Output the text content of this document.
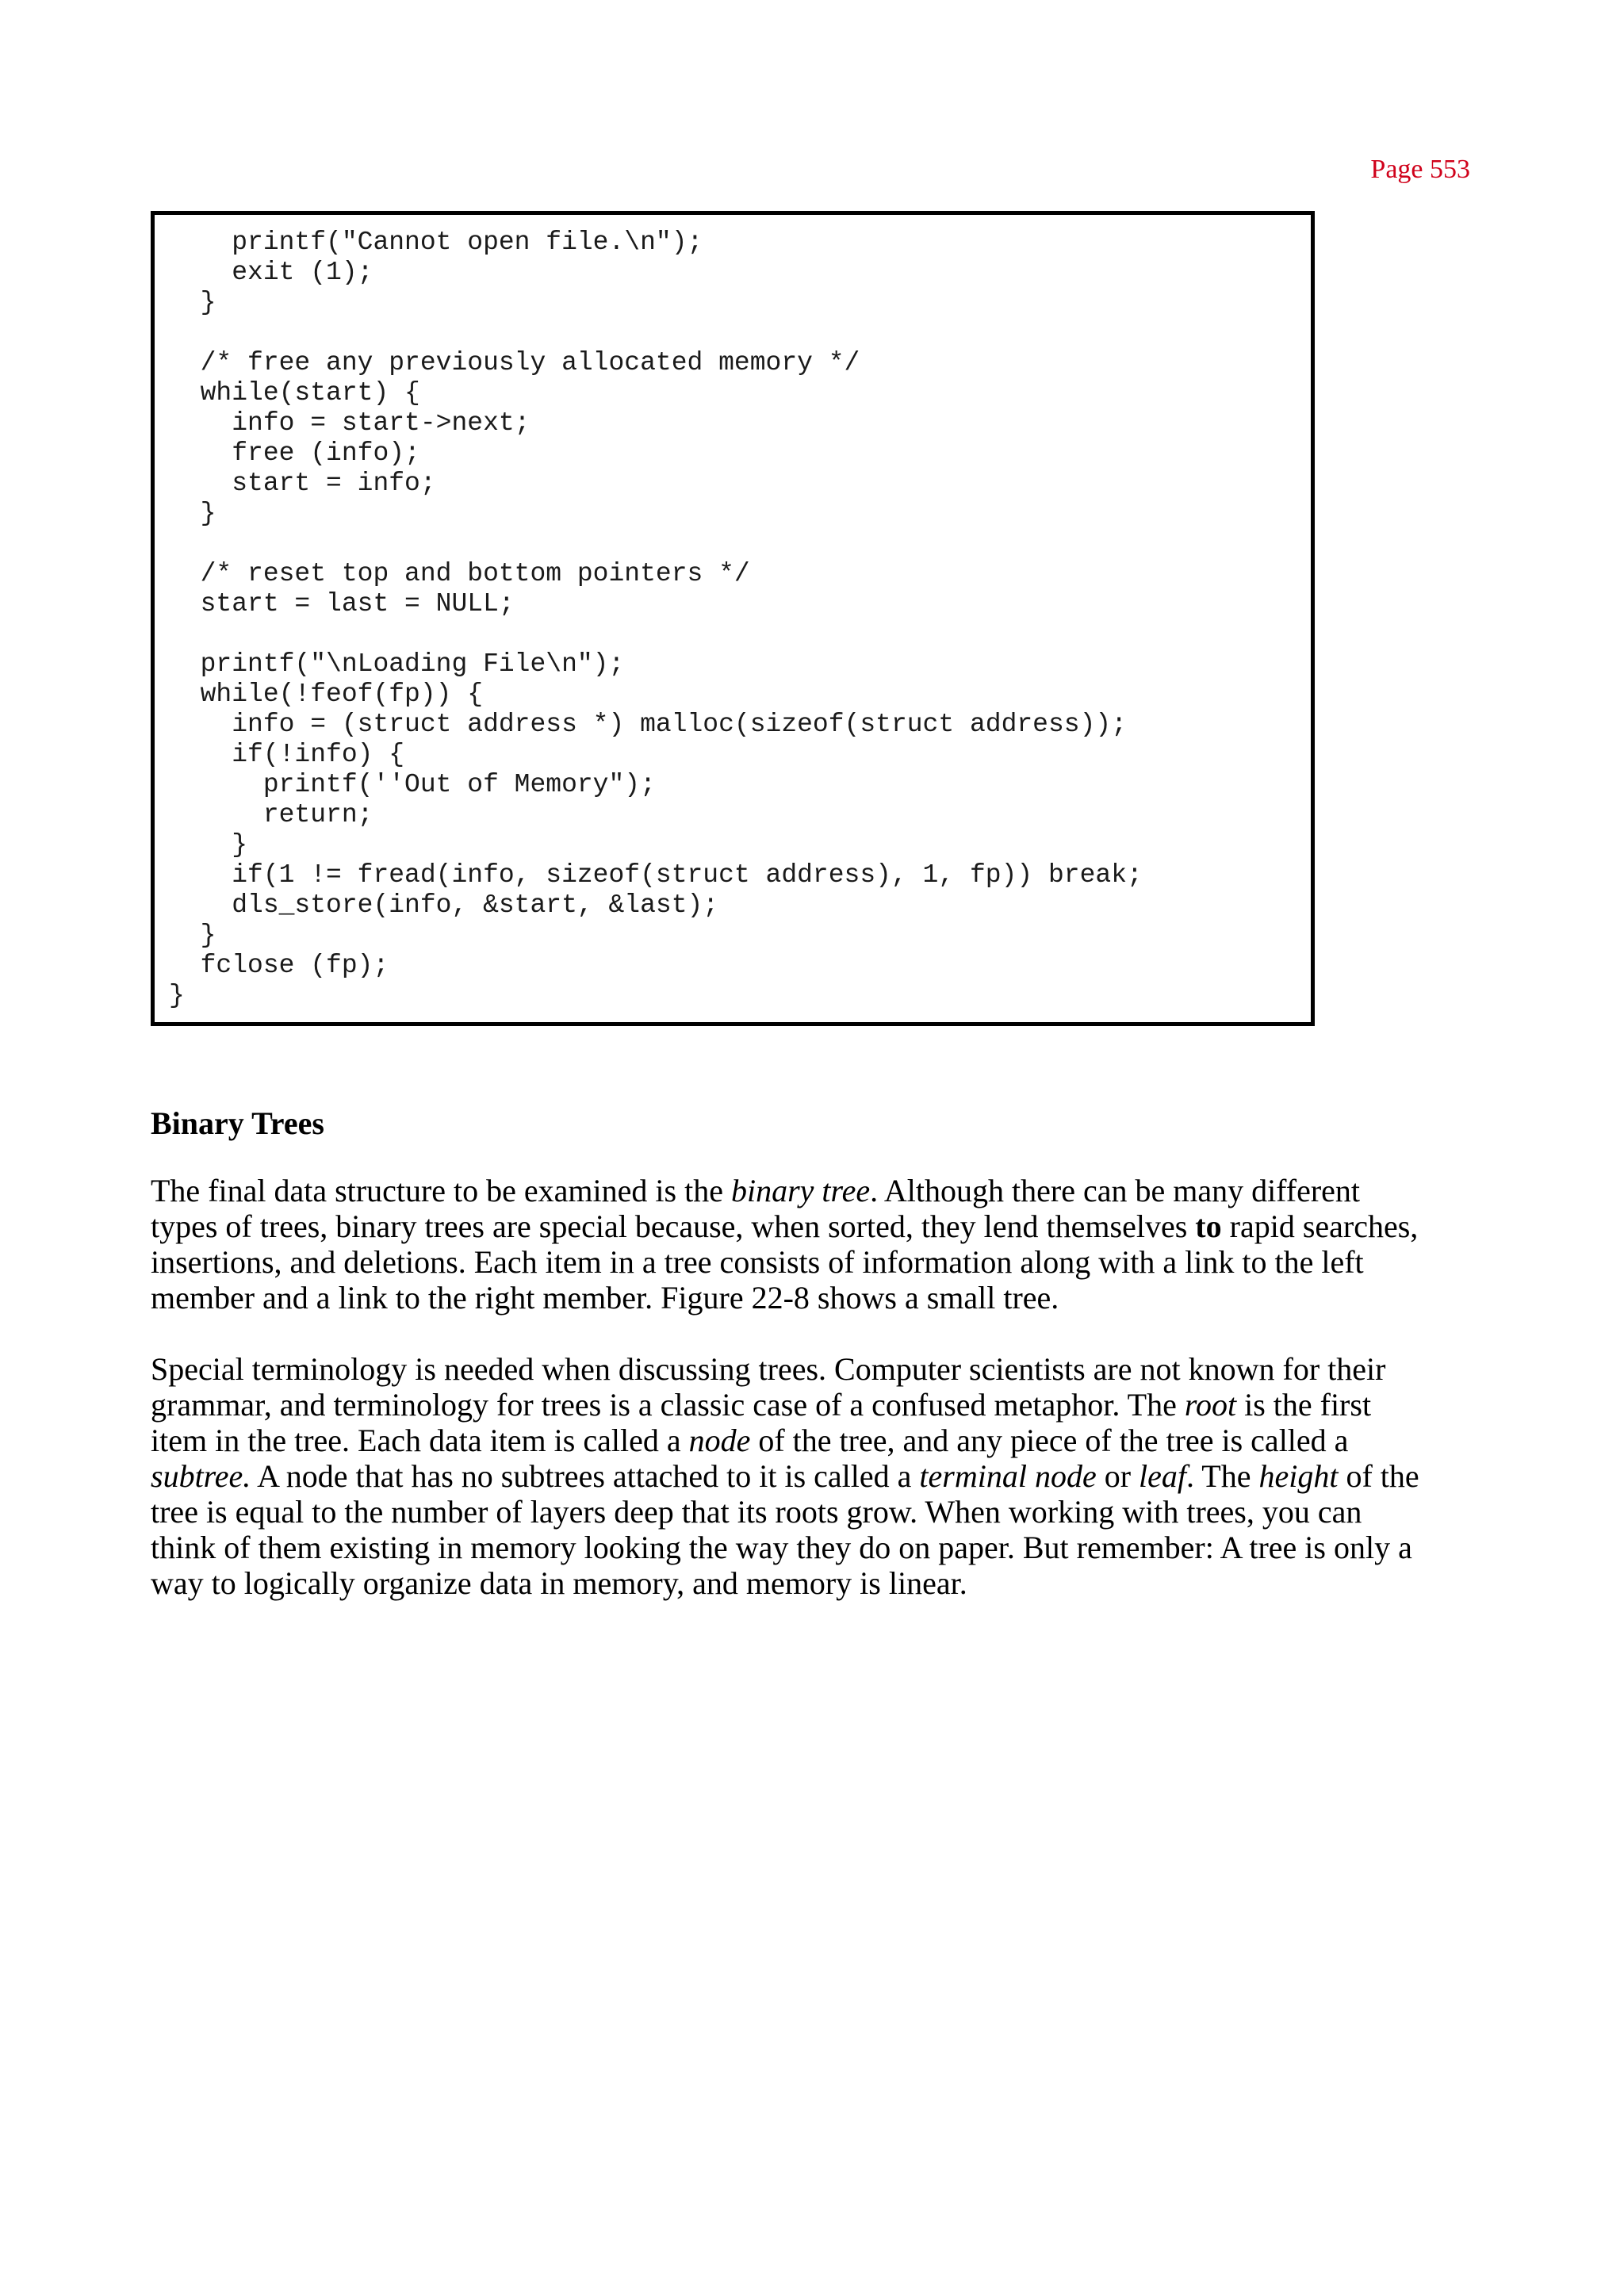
Page 553
printf("Cannot open file.\n");
exit (1);
}
/* free any previously allocated memory */
while(start) {
info = start->next;
free (info);
start = info;
}
/* reset top and bottom pointers */
start = last = NULL;
printf("\nLoading File\n");
while(!feof(fp)) {
info = (struct address *) malloc(sizeof(struct address));
if(!info) {
printf(''Out of Memory");
return;
}
if(1 != fread(info, sizeof(struct address), 1, fp)) break;
dls_store(info, &start, &last);
}
fclose (fp);
}
Binary Trees
The final data structure to be examined is the binary tree. Although there can be many different
types of trees, binary trees are special because, when sorted, they lend themselves to rapid searches,
insertions, and deletions. Each item in a tree consists of information along with a link to the left
member and a link to the right member. Figure 22-8 shows a small tree.
Special terminology is needed when discussing trees. Computer scientists are not known for their
grammar, and terminology for trees is a classic case of a confused metaphor. The root is the first
item in the tree. Each data item is called a node of the tree, and any piece of the tree is called a
subtree. A node that has no subtrees attached to it is called a terminal node or leaf. The height of the
tree is equal to the number of layers deep that its roots grow. When working with trees, you can
think of them existing in memory looking the way they do on paper. But remember: A tree is only a
way to logically organize data in memory, and memory is linear.
